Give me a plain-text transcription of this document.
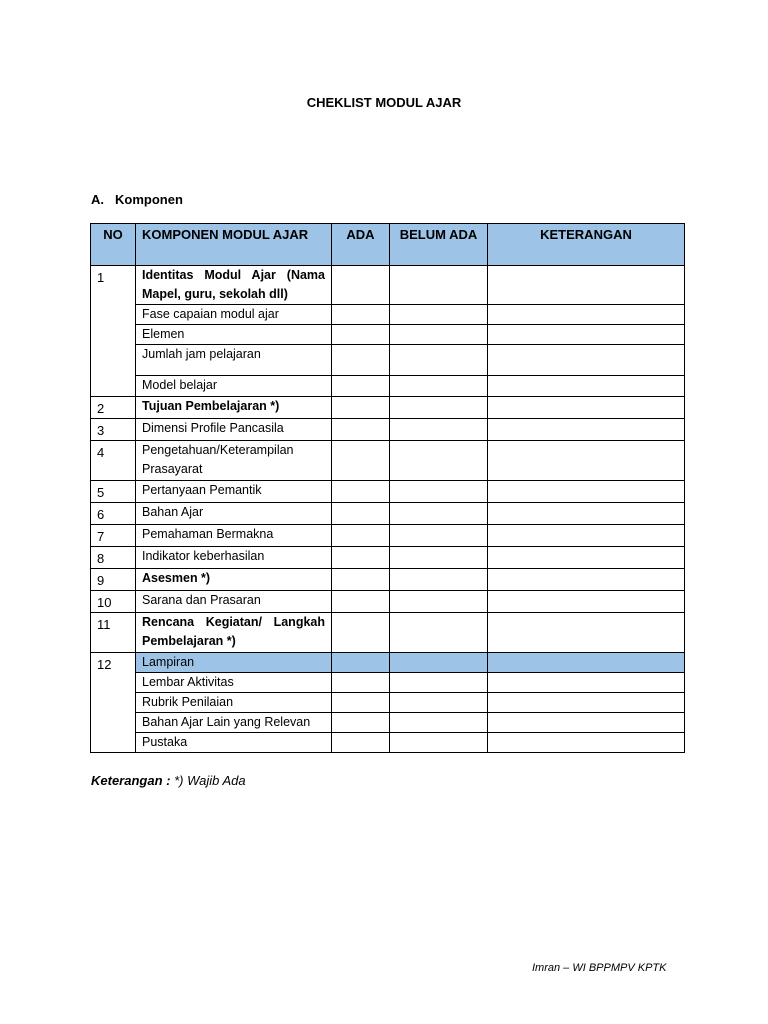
CHEKLIST MODUL AJAR
A. Komponen
NO	KOMPONEN MODUL AJAR	ADA	BELUM ADA	KETERANGAN
1	Identitas Modul Ajar (Nama Mapel, guru, sekolah dll)			
	Fase capaian modul ajar			
	Elemen			
	Jumlah jam pelajaran			
	Model belajar			
2	Tujuan Pembelajaran *)			
3	Dimensi Profile Pancasila			
4	Pengetahuan/Keterampilan Prasayarat			
5	Pertanyaan Pemantik			
6	Bahan Ajar			
7	Pemahaman Bermakna			
8	Indikator keberhasilan			
9	Asesmen *)			
10	Sarana dan Prasaran			
11	Rencana Kegiatan/ Langkah Pembelajaran *)			
12	Lampiran			
	Lembar Aktivitas			
	Rubrik Penilaian			
	Bahan Ajar Lain yang Relevan			
	Pustaka			
Keterangan : *) Wajib Ada
Imran – WI BPPMPV KPTK
